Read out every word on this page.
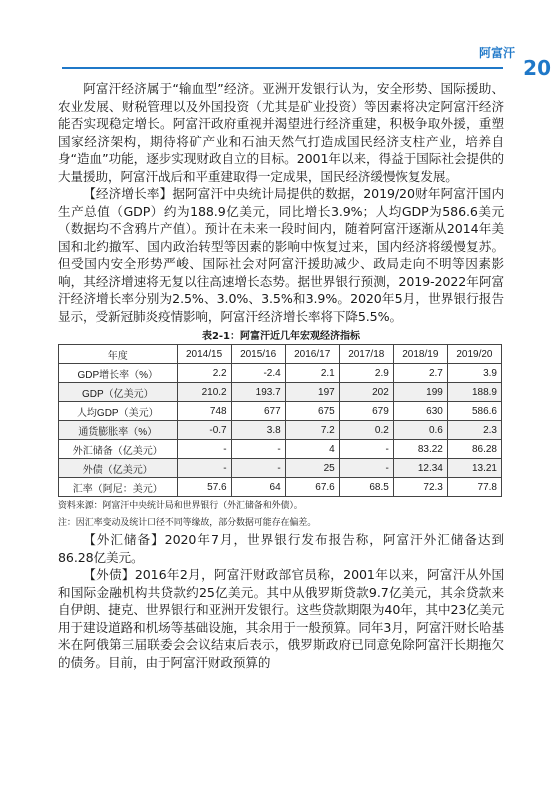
阿富汗
20

阿富汗经济属于“输血型”经济。亚洲开发银行认为，安全形势、国际援助、农业发展、财税管理以及外国投资（尤其是矿业投资）等因素将决定阿富汗经济能否实现稳定增长。阿富汗政府重视并渴望进行经济重建，积极争取外援，重塑国家经济架构，期待将矿产业和石油天然气打造成国民经济支柱产业，培养自身“造血”功能，逐步实现财政自立的目标。2001年以来，得益于国际社会提供的大量援助，阿富汗战后和平重建取得一定成果，国民经济缓慢恢复发展。

【经济增长率】据阿富汗中央统计局提供的数据，2019/20财年阿富汗国内生产总值（GDP）约为188.9亿美元，同比增长3.9%；人均GDP为586.6美元（数据均不含鸦片产值）。预计在未来一段时间内，随着阿富汗逐渐从2014年美国和北约撤军、国内政治转型等因素的影响中恢复过来，国内经济将缓慢复苏。但受国内安全形势严峻、国际社会对阿富汗援助减少、政局走向不明等因素影响，其经济增速将无复以往高速增长态势。据世界银行预测，2019-2022年阿富汗经济增长率分别为2.5%、3.0%、3.5%和3.9%。2020年5月，世界银行报告显示，受新冠肺炎疫情影响，阿富汗经济增长率将下降5.5%。

表2-1：阿富汗近几年宏观经济指标
年度	2014/15	2015/16	2016/17	2017/18	2018/19	2019/20
GDP增长率（%）	2.2	-2.4	2.1	2.9	2.7	3.9
GDP（亿美元）	210.2	193.7	197	202	199	188.9
人均GDP（美元）	748	677	675	679	630	586.6
通货膨胀率（%）	-0.7	3.8	7.2	0.2	0.6	2.3
外汇储备（亿美元）	-	-	4	-	83.22	86.28
外债（亿美元）	-	-	25	-	12.34	13.21
汇率（阿尼：美元）	57.6	64	67.6	68.5	72.3	77.8

资料来源：阿富汗中央统计局和世界银行（外汇储备和外债）。

注：因汇率变动及统计口径不同等缘故，部分数据可能存在偏差。

【外汇储备】2020年7月，世界银行发布报告称，阿富汗外汇储备达到86.28亿美元。

【外债】2016年2月，阿富汗财政部官员称，2001年以来，阿富汗从外国和国际金融机构共贷款约25亿美元。其中从俄罗斯贷款9.7亿美元，其余贷款来自伊朗、捷克、世界银行和亚洲开发银行。这些贷款期限为40年，其中23亿美元用于建设道路和机场等基础设施，其余用于一般预算。同年3月，阿富汗财长哈基米在阿俄第三届联委会会议结束后表示，俄罗斯政府已同意免除阿富汗长期拖欠的债务。目前，由于阿富汗财政预算的
